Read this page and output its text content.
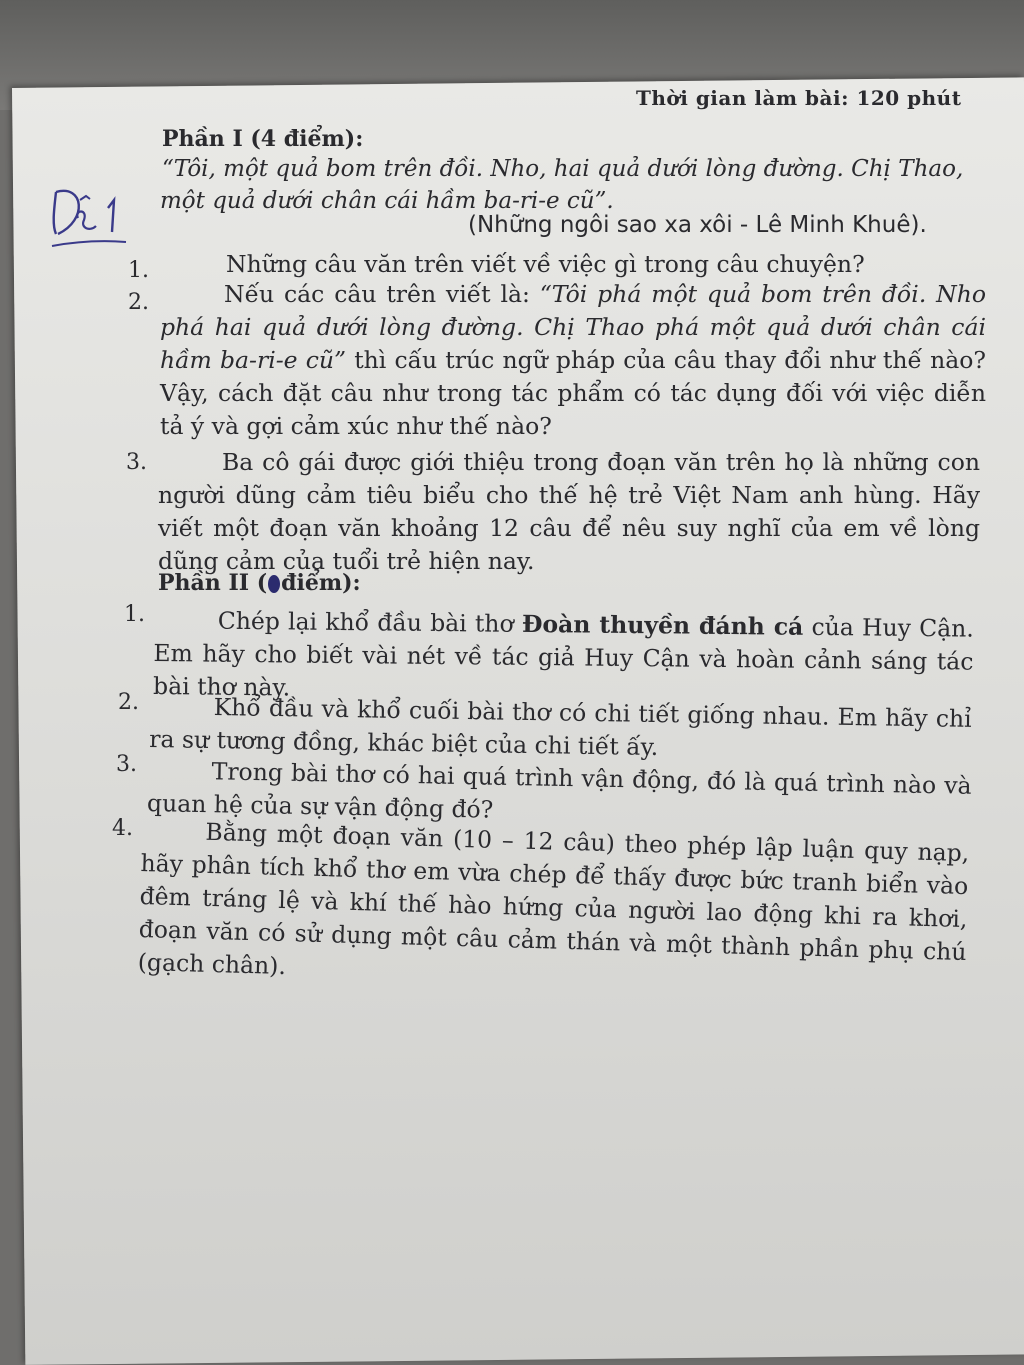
Thời gian làm bài: 120 phút
Phần I (4 điểm):
“Tôi, một quả bom trên đồi. Nho, hai quả dưới lòng đường. Chị Thao,
một quả dưới chân cái hầm ba-ri-e cũ”.
(Những ngôi sao xa xôi - Lê Minh Khuê).
1.	Những câu văn trên viết về việc gì trong câu chuyện?
2.	Nếu các câu trên viết là: “Tôi phá một quả bom trên đồi. Nho phá hai quả dưới lòng đường. Chị Thao phá một quả dưới chân cái hầm ba-ri-e cũ” thì cấu trúc ngữ pháp của câu thay đổi như thế nào? Vậy, cách đặt câu như trong tác phẩm có tác dụng đối với việc diễn tả ý và gợi cảm xúc như thế nào?
3.	Ba cô gái được giới thiệu trong đoạn văn trên họ là những con người dũng cảm tiêu biểu cho thế hệ trẻ Việt Nam anh hùng. Hãy viết một đoạn văn khoảng 12 câu để nêu suy nghĩ của em về lòng dũng cảm của tuổi trẻ hiện nay.
Phần II ( điểm):
1.	Chép lại khổ đầu bài thơ Đoàn thuyền đánh cá của Huy Cận. Em hãy cho biết vài nét về tác giả Huy Cận và hoàn cảnh sáng tác bài thơ này.
2.	Khổ đầu và khổ cuối bài thơ có chi tiết giống nhau. Em hãy chỉ ra sự tương đồng, khác biệt của chi tiết ấy.
3.	Trong bài thơ có hai quá trình vận động, đó là quá trình nào và quan hệ của sự vận động đó?
4.	Bằng một đoạn văn (10 – 12 câu) theo phép lập luận quy nạp, hãy phân tích khổ thơ em vừa chép để thấy được bức tranh biển vào đêm tráng lệ và khí thế hào hứng của người lao động khi ra khơi, đoạn văn có sử dụng một câu cảm thán và một thành phần phụ chú (gạch chân).
